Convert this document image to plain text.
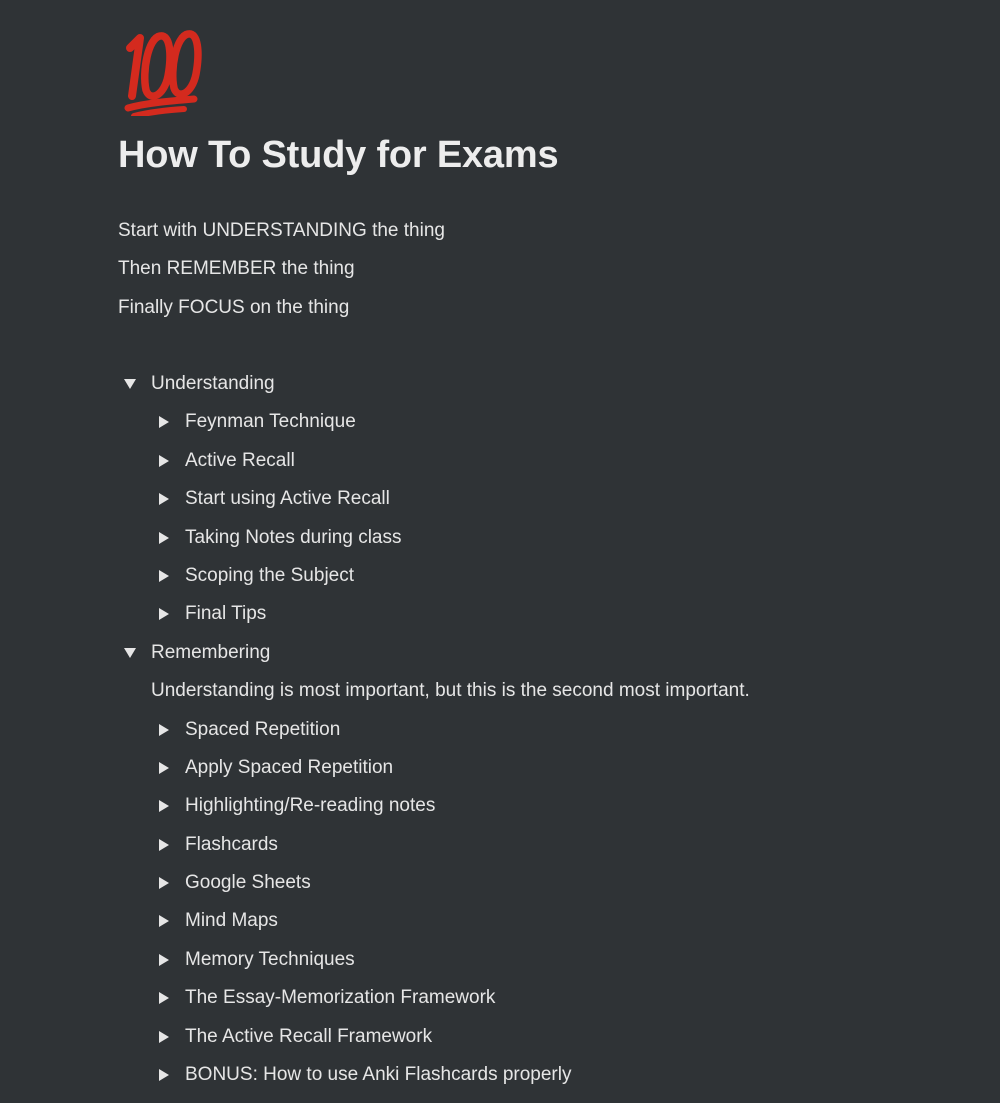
How To Study for Exams
Start with UNDERSTANDING the thing
Then REMEMBER the thing
Finally FOCUS on the thing
Understanding
Feynman Technique
Active Recall
Start using Active Recall
Taking Notes during class
Scoping the Subject
Final Tips
Remembering
Understanding is most important, but this is the second most important.
Spaced Repetition
Apply Spaced Repetition
Highlighting/Re-reading notes
Flashcards
Google Sheets
Mind Maps
Memory Techniques
The Essay-Memorization Framework
The Active Recall Framework
BONUS: How to use Anki Flashcards properly
